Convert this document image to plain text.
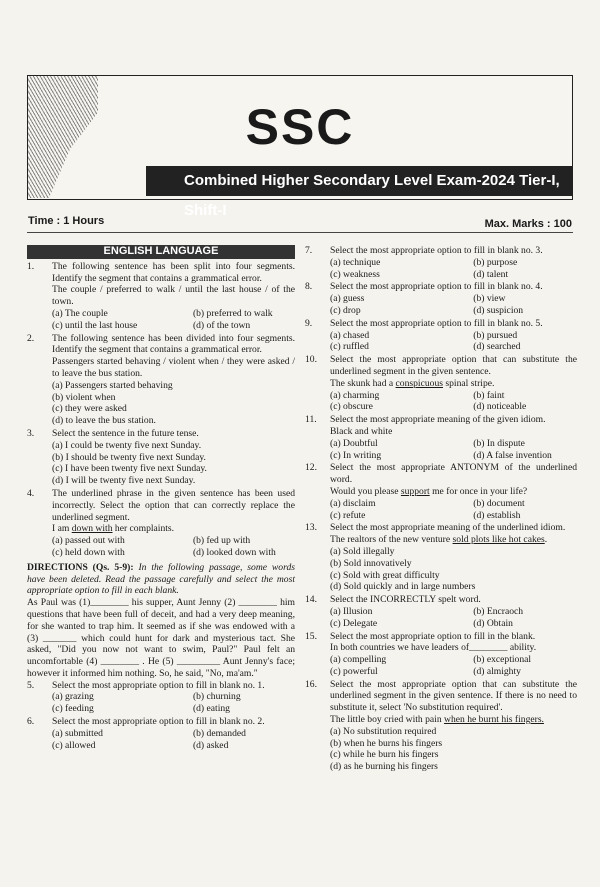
SSC
Combined Higher Secondary Level Exam-2024 Tier-I, Shift-I
Time : 1 Hours	Max. Marks : 100
ENGLISH LANGUAGE
1.	The following sentence has been split into four segments. Identify the segment that contains a grammatical error.
The couple / preferred to walk / until the last house / of the town.
(a) The couple	(b) preferred to walk
(c) until the last house	(d) of the town
2.	The following sentence has been divided into four segments. Identify the segment that contains a grammatical error.
Passengers started behaving / violent when / they were asked / to leave the bus station.
(a) Passengers started behaving
(b) violent when
(c) they were asked
(d) to leave the bus station.
3.	Select the sentence in the future tense.
(a) I could be twenty five next Sunday.
(b) I should be twenty five next Sunday.
(c) I have been twenty five next Sunday.
(d) I will be twenty five next Sunday.
4.	The underlined phrase in the given sentence has been used incorrectly. Select the option that can correctly replace the underlined segment.
I am down with her complaints.
(a) passed out with	(b) fed up with
(c) held down with	(d) looked down with
DIRECTIONS (Qs. 5-9): In the following passage, some words have been deleted. Read the passage carefully and select the most appropriate option to fill in each blank.
As Paul was (1)________ his supper, Aunt Jenny (2) ________ him questions that have been full of deceit, and had a very deep meaning, for she wanted to trap him. It seemed as if she was endowed with a (3) _______ which could hunt for dark and mysterious tact. She asked, "Did you now not want to swim, Paul?" Paul felt an uncomfortable (4) ________ . He (5) _________ Aunt Jenny's face; however it informed him nothing. So, he said, "No, ma'am."
5.	Select the most appropriate option to fill in blank no. 1.
(a) grazing	(b) churning
(c) feeding	(d) eating
6.	Select the most appropriate option to fill in blank no. 2.
(a) submitted	(b) demanded
(c) allowed	(d) asked
7.	Select the most appropriate option to fill in blank no. 3.
(a) technique	(b) purpose
(c) weakness	(d) talent
8.	Select the most appropriate option to fill in blank no. 4.
(a) guess	(b) view
(c) drop	(d) suspicion
9.	Select the most appropriate option to fill in blank no. 5.
(a) chased	(b) pursued
(c) ruffled	(d) searched
10.	Select the most appropriate option that can substitute the underlined segment in the given sentence.
The skunk had a conspicuous spinal stripe.
(a) charming	(b) faint
(c) obscure	(d) noticeable
11.	Select the most appropriate meaning of the given idiom.
Black and white
(a) Doubtful	(b) In dispute
(c) In writing	(d) A false invention
12.	Select the most appropriate ANTONYM of the underlined word.
Would you please support me for once in your life?
(a) disclaim	(b) document
(c) refute	(d) establish
13.	Select the most appropriate meaning of the underlined idiom.
The realtors of the new venture sold plots like hot cakes.
(a) Sold illegally
(b) Sold innovatively
(c) Sold with great difficulty
(d) Sold quickly and in large numbers
14.	Select the INCORRECTLY spelt word.
(a) Illusion	(b) Encraoch
(c) Delegate	(d) Obtain
15.	Select the most appropriate option to fill in the blank.
In both countries we have leaders of________ ability.
(a) compelling	(b) exceptional
(c) powerful	(d) almighty
16.	Select the most appropriate option that can substitute the underlined segment in the given sentence. If there is no need to substitute it, select 'No substitution required'.
The little boy cried with pain when he burnt his fingers.
(a) No substitution required
(b) when he burns his fingers
(c) while he burn his fingers
(d) as he burning his fingers
